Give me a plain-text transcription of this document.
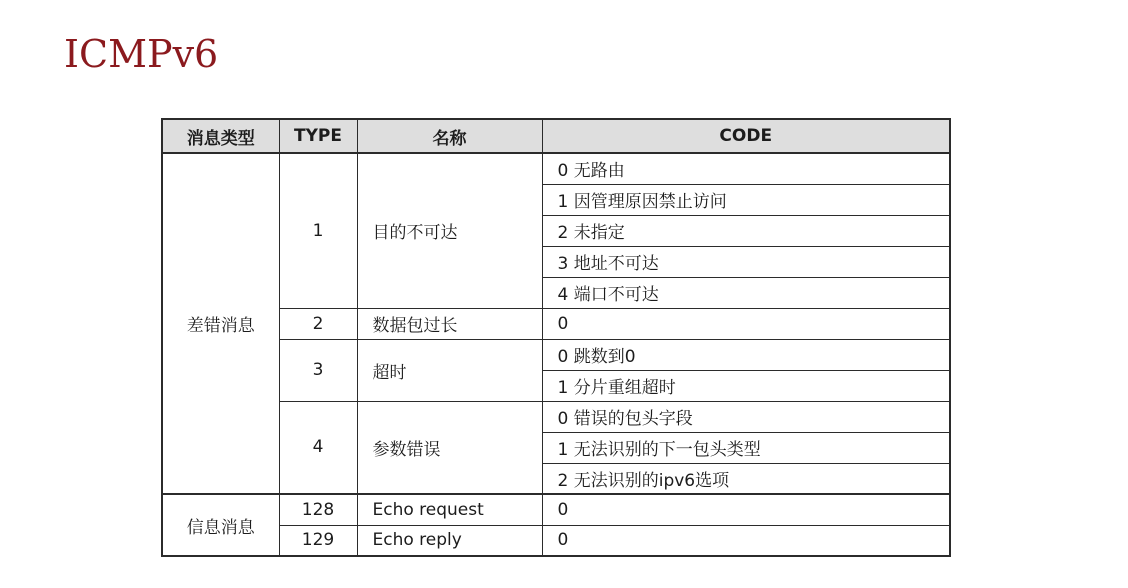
ICMPv6
消息类型	TYPE	名称	CODE
差错消息	1	目的不可达	0 无路由
			1 因管理原因禁止访问
			2 未指定
			3 地址不可达
			4 端口不可达
	2	数据包过长	0
	3	超时	0 跳数到0
			1 分片重组超时
	4	参数错误	0 错误的包头字段
			1 无法识别的下一包头类型
			2 无法识别的ipv6选项
信息消息	128	Echo request	0
	129	Echo reply	0
